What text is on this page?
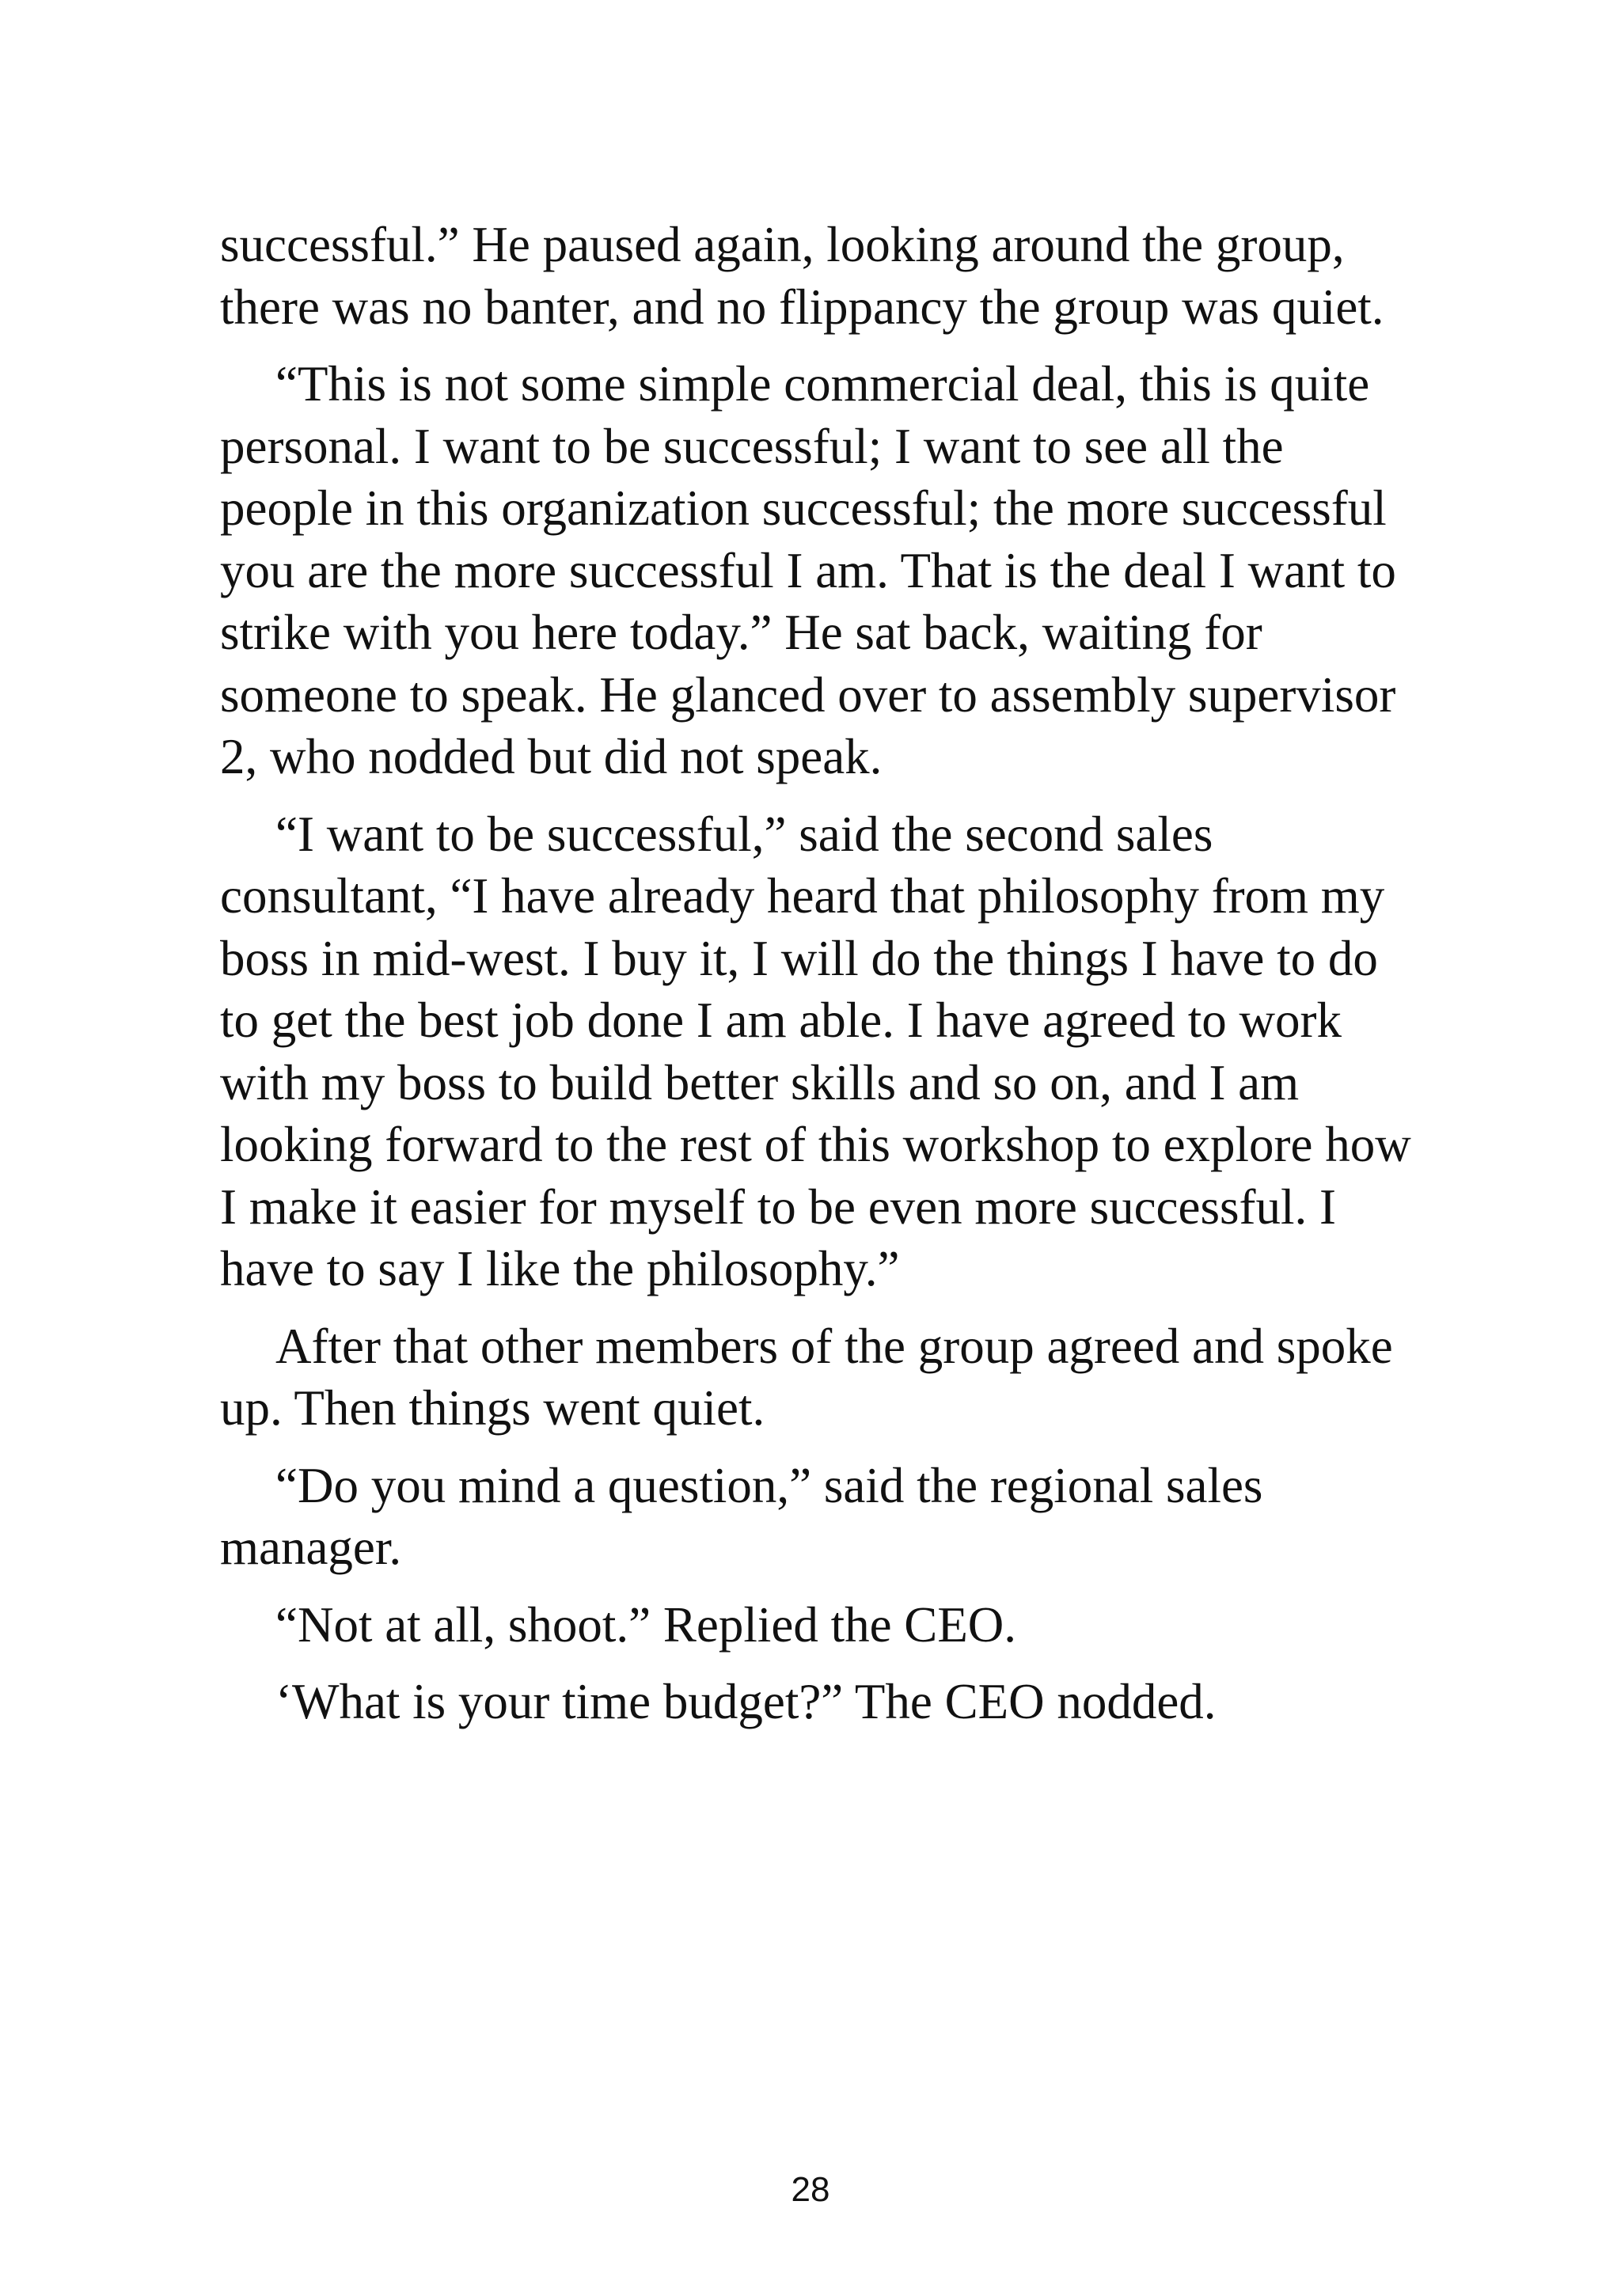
successful.” He paused again, looking around the group, there was no banter, and no flippancy the group was quiet.

“This is not some simple commercial deal, this is quite personal. I want to be successful; I want to see all the people in this organization successful; the more successful you are the more successful I am. That is the deal I want to strike with you here today.” He sat back, waiting for someone to speak. He glanced over to assembly supervisor 2, who nodded but did not speak.

“I want to be successful,” said the second sales consultant, “I have already heard that philosophy from my boss in mid-west. I buy it, I will do the things I have to do to get the best job done I am able. I have agreed to work with my boss to build better skills and so on, and I am looking forward to the rest of this workshop to explore how I make it easier for myself to be even more successful. I have to say I like the philosophy.”

After that other members of the group agreed and spoke up. Then things went quiet.

“Do you mind a question,” said the regional sales manager.

“Not at all, shoot.” Replied the CEO.

‘What is your time budget?” The CEO nodded.

28
